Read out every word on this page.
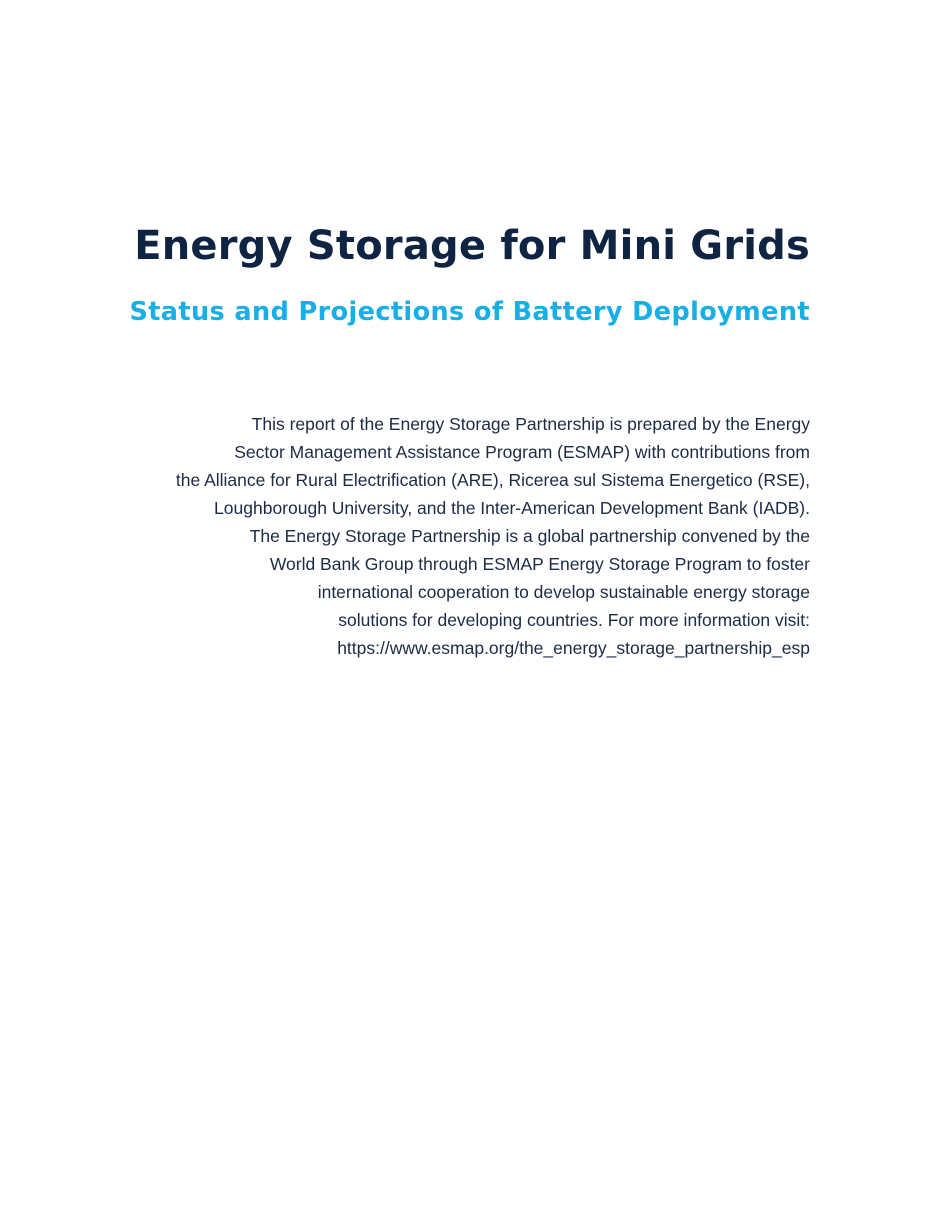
Energy Storage for Mini Grids
Status and Projections of Battery Deployment

This report of the Energy Storage Partnership is prepared by the Energy
Sector Management Assistance Program (ESMAP) with contributions from
the Alliance for Rural Electrification (ARE), Ricerea sul Sistema Energetico (RSE),
Loughborough University, and the Inter-American Development Bank (IADB).
The Energy Storage Partnership is a global partnership convened by the
World Bank Group through ESMAP Energy Storage Program to foster
international cooperation to develop sustainable energy storage
solutions for developing countries. For more information visit:
https://www.esmap.org/the_energy_storage_partnership_esp
